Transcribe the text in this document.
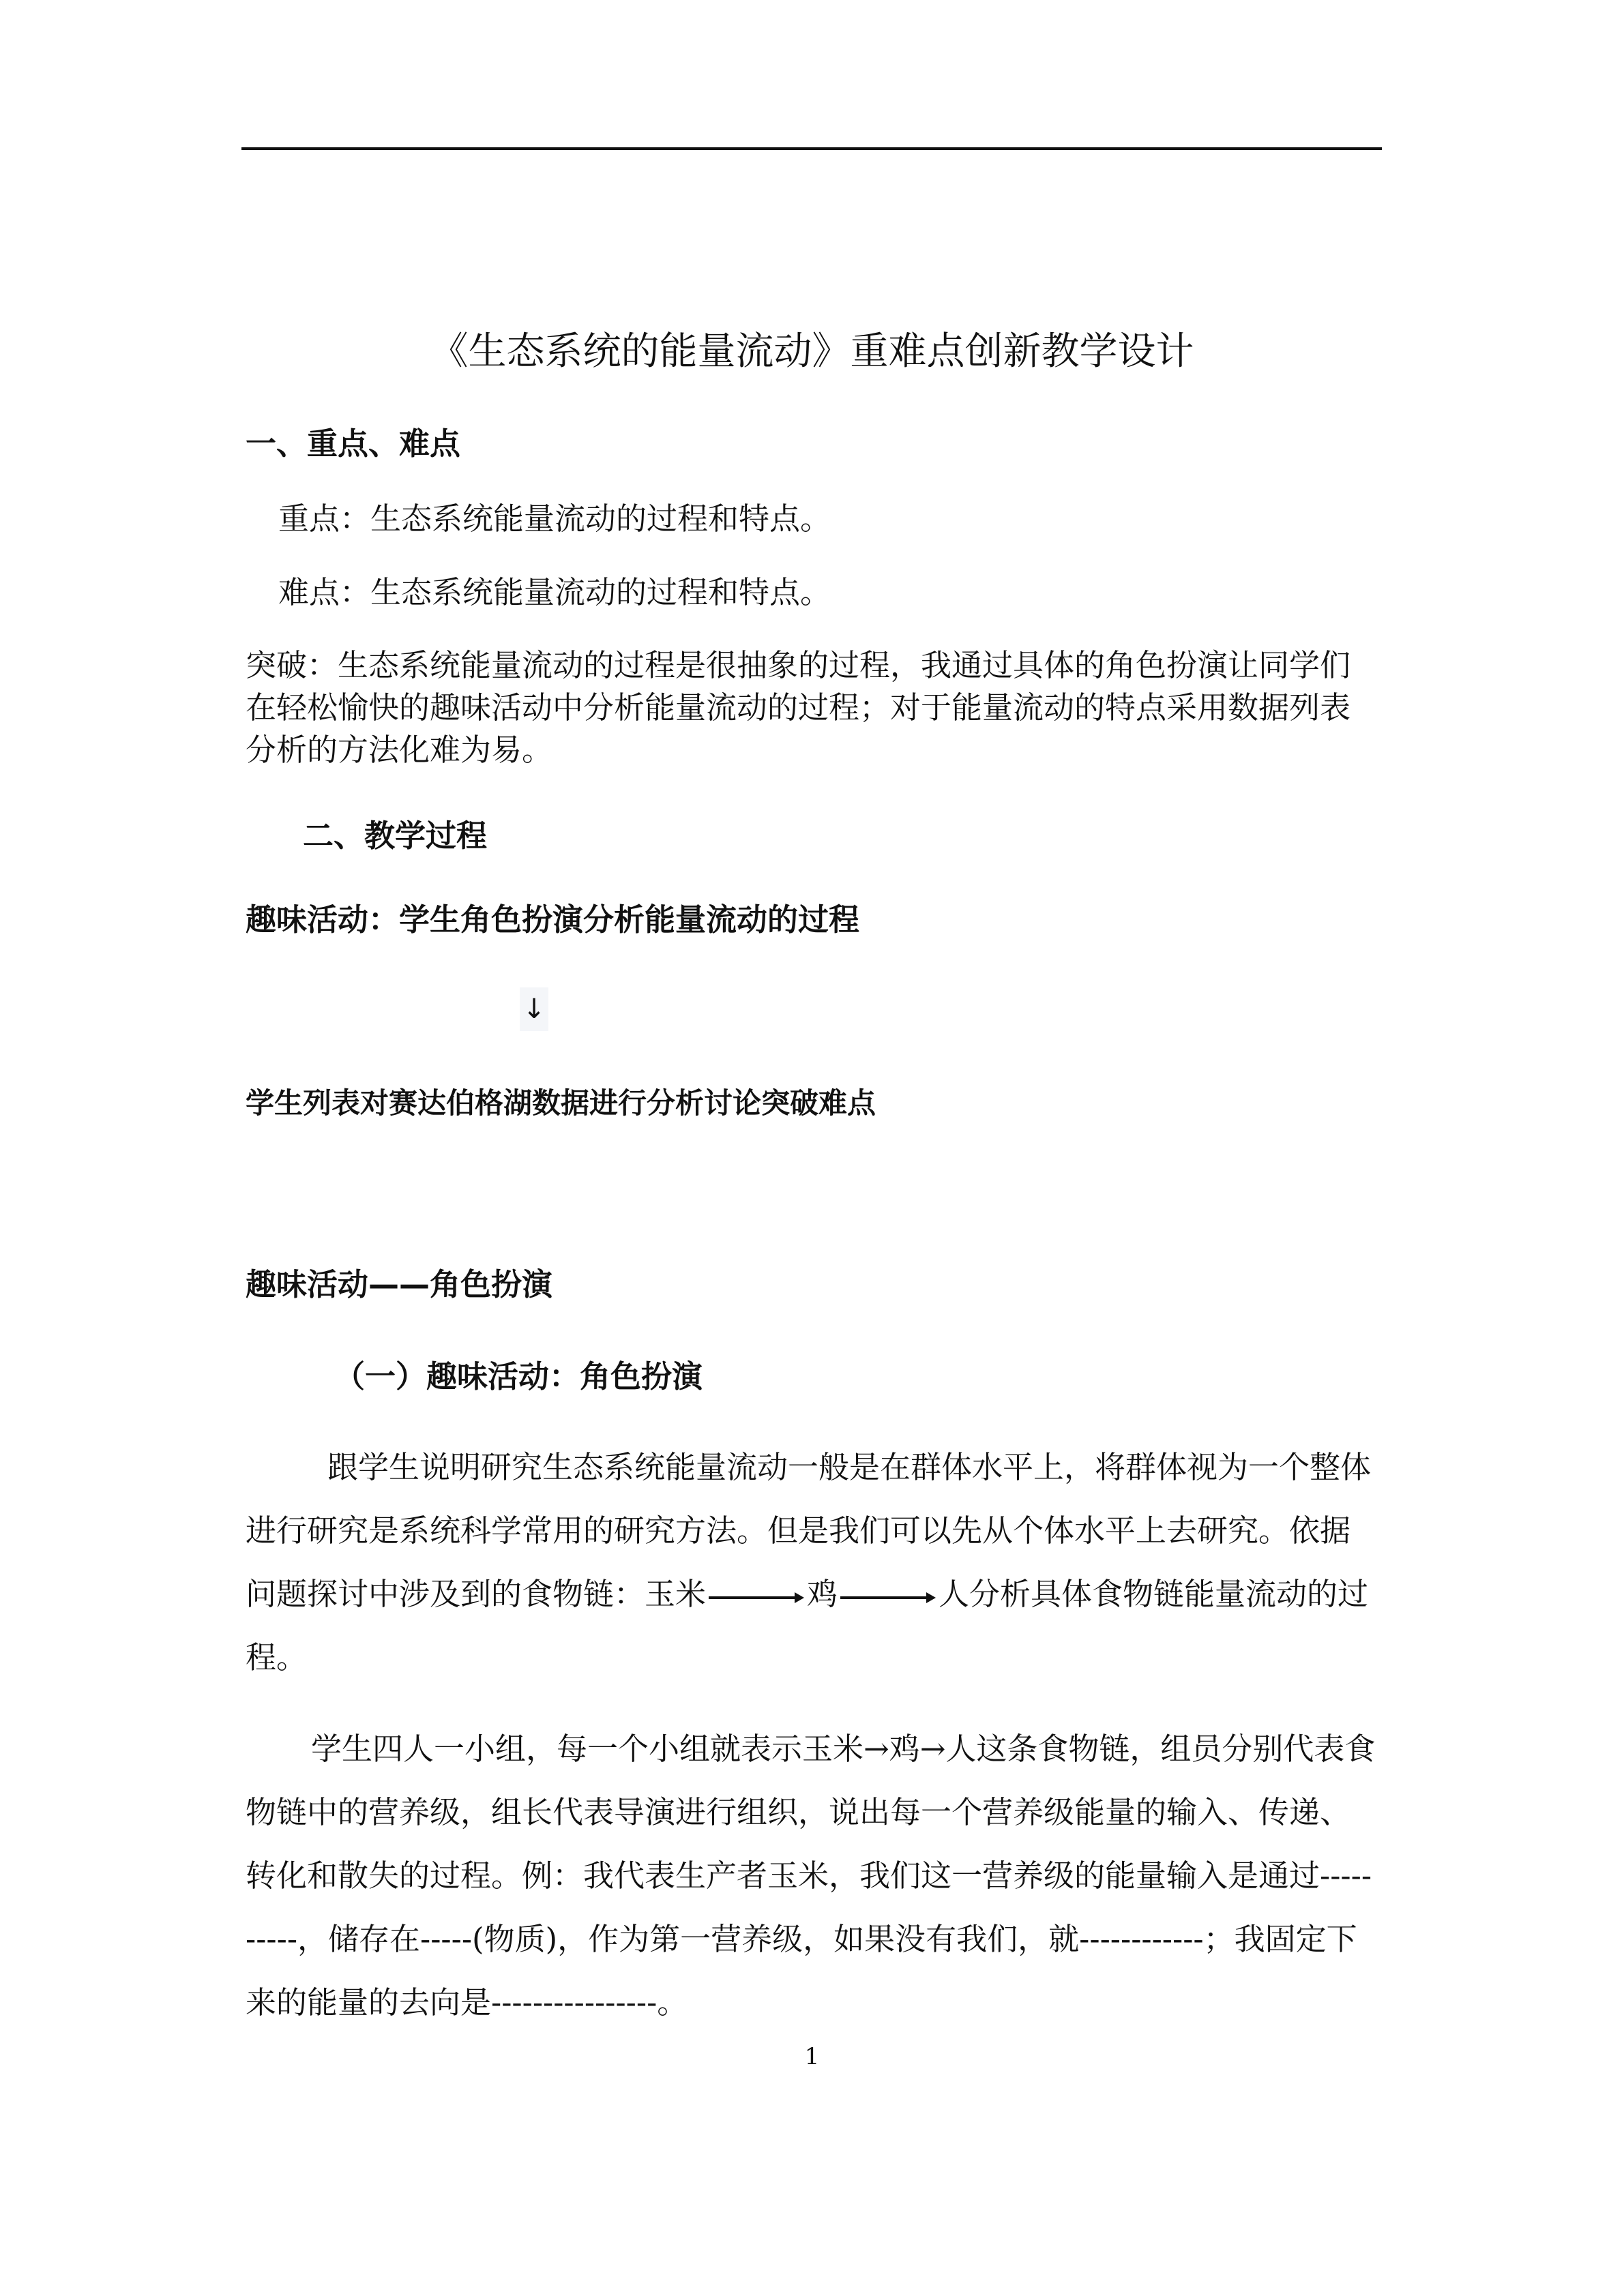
《生态系统的能量流动》重难点创新教学设计
一、重点、难点
重点：生态系统能量流动的过程和特点。
难点：生态系统能量流动的过程和特点。
突破：生态系统能量流动的过程是很抽象的过程，我通过具体的角色扮演让同学们在轻松愉快的趣味活动中分析能量流动的过程；对于能量流动的特点采用数据列表分析的方法化难为易。
二、教学过程
趣味活动：学生角色扮演分析能量流动的过程
↓
学生列表对赛达伯格湖数据进行分析讨论突破难点
趣味活动——角色扮演
（一）趣味活动：角色扮演
跟学生说明研究生态系统能量流动一般是在群体水平上，将群体视为一个整体进行研究是系统科学常用的研究方法。但是我们可以先从个体水平上去研究。依据问题探讨中涉及到的食物链：玉米	鸡	人分析具体食物链能量流动的过程。
学生四人一小组，每一个小组就表示玉米→鸡→人这条食物链，组员分别代表食物链中的营养级，组长代表导演进行组织，说出每一个营养级能量的输入、传递、转化和散失的过程。例：我代表生产者玉米，我们这一营养级的能量输入是通过----------，储存在-----(物质)，作为第一营养级，如果没有我们，就------------；我固定下来的能量的去向是----------------。
1
